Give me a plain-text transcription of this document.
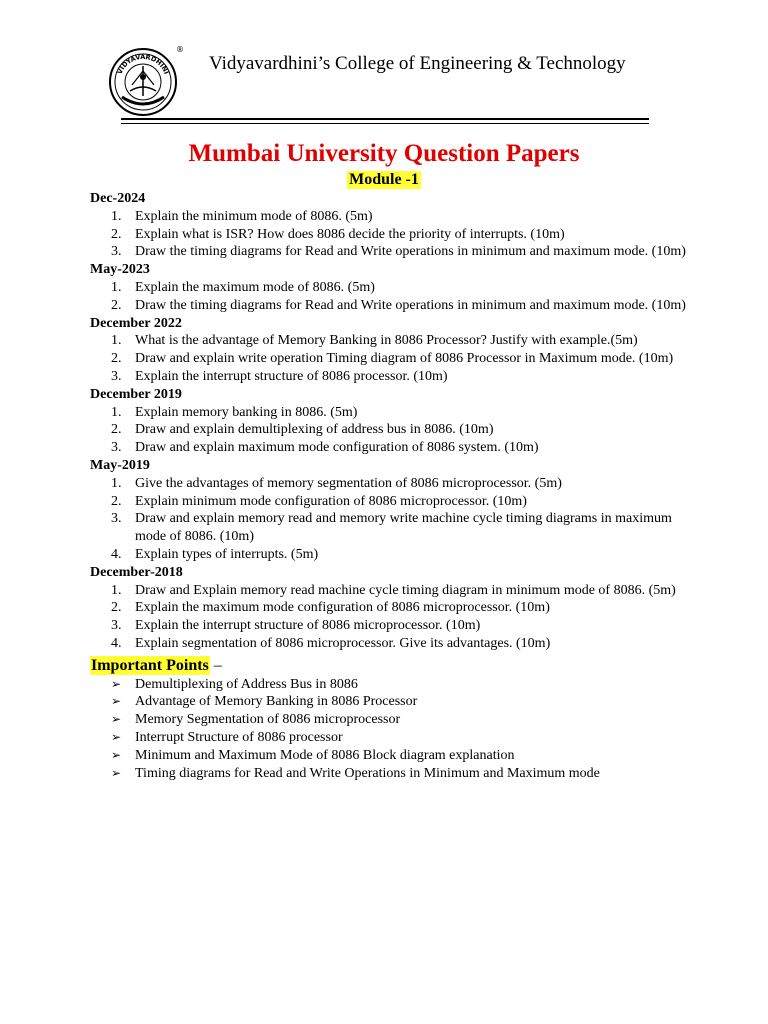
VIDYAVARDHINI
®
Vidyavardhini’s College of Engineering & Technology
Mumbai University Question Papers
Module -1
Dec-2024
1. Explain the minimum mode of 8086. (5m)
2. Explain what is ISR? How does 8086 decide the priority of interrupts. (10m)
3. Draw the timing diagrams for Read and Write operations in minimum and maximum mode. (10m)
May-2023
1. Explain the maximum mode of 8086. (5m)
2. Draw the timing diagrams for Read and Write operations in minimum and maximum mode. (10m)
December 2022
1. What is the advantage of Memory Banking in 8086 Processor? Justify with example.(5m)
2. Draw and explain write operation Timing diagram of 8086 Processor in Maximum mode. (10m)
3. Explain the interrupt structure of 8086 processor. (10m)
December 2019
1. Explain memory banking in 8086. (5m)
2. Draw and explain demultiplexing of address bus in 8086. (10m)
3. Draw and explain maximum mode configuration of 8086 system. (10m)
May-2019
1. Give the advantages of memory segmentation of 8086 microprocessor. (5m)
2. Explain minimum mode configuration of 8086 microprocessor. (10m)
3. Draw and explain memory read and memory write machine cycle timing diagrams in maximum mode of 8086. (10m)
4. Explain types of interrupts. (5m)
December-2018
1. Draw and Explain memory read machine cycle timing diagram in minimum mode of 8086. (5m)
2. Explain the maximum mode configuration of 8086 microprocessor. (10m)
3. Explain the interrupt structure of 8086 microprocessor. (10m)
4. Explain segmentation of 8086 microprocessor. Give its advantages. (10m)
Important Points –
➢ Demultiplexing of Address Bus in 8086
➢ Advantage of Memory Banking in 8086 Processor
➢ Memory Segmentation of 8086 microprocessor
➢ Interrupt Structure of 8086 processor
➢ Minimum and Maximum Mode of 8086 Block diagram explanation
➢ Timing diagrams for Read and Write Operations in Minimum and Maximum mode
